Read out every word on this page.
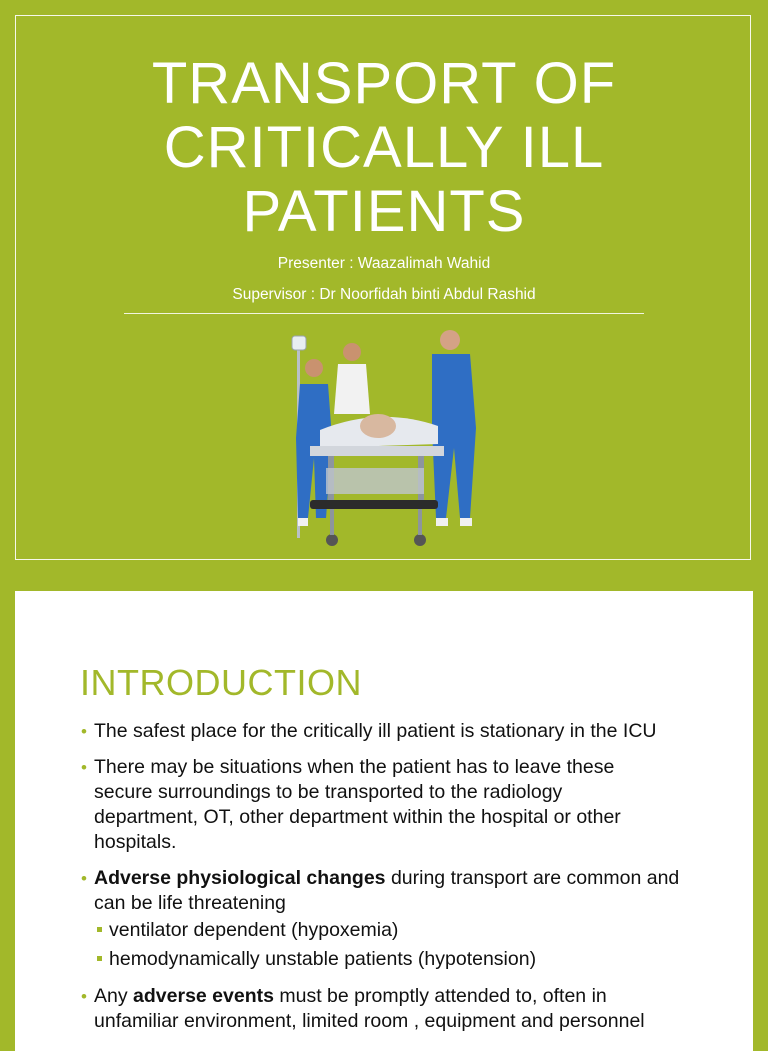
TRANSPORT OF
CRITICALLY ILL
PATIENTS
Presenter : Waazalimah Wahid
Supervisor : Dr Noorfidah binti Abdul Rashid
INTRODUCTION
• The safest place for the critically ill patient is stationary in the ICU
• There may be situations when the patient has to leave these
secure surroundings to be transported to the radiology
department, OT, other department within the hospital or other
hospitals.
• Adverse physiological changes during transport are common and
can be life threatening
ventilator dependent (hypoxemia)
hemodynamically unstable patients (hypotension)
• Any adverse events must be promptly attended to, often in
unfamiliar environment, limited room , equipment and personnel
